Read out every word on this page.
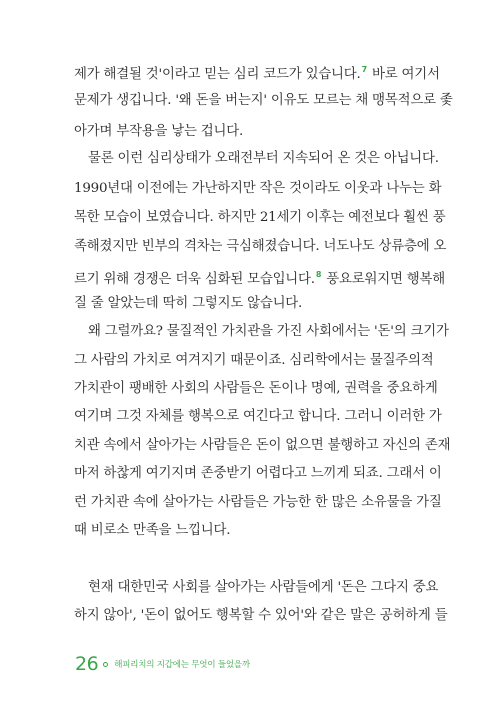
제가 해결될 것'이라고 믿는 심리 코드가 있습니다.$^7$ 바로 여기서
문제가 생깁니다. '왜 돈을 버는지' 이유도 모르는 채 맹목적으로 좇
아가며 부작용을 낳는 겁니다.
물론 이런 심리상태가 오래전부터 지속되어 온 것은 아닙니다.
1990년대 이전에는 가난하지만 작은 것이라도 이웃과 나누는 화
목한 모습이 보였습니다. 하지만 21세기 이후는 예전보다 훨씬 풍
족해졌지만 빈부의 격차는 극심해졌습니다. 너도나도 상류층에 오
르기 위해 경쟁은 더욱 심화된 모습입니다.$^8$ 풍요로워지면 행복해
질 줄 알았는데 딱히 그렇지도 않습니다.
왜 그럴까요? 물질적인 가치관을 가진 사회에서는 '돈'의 크기가
그 사람의 가치로 여겨지기 때문이죠. 심리학에서는 물질주의적
가치관이 팽배한 사회의 사람들은 돈이나 명예, 권력을 중요하게
여기며 그것 자체를 행복으로 여긴다고 합니다. 그러니 이러한 가
치관 속에서 살아가는 사람들은 돈이 없으면 불행하고 자신의 존재
마저 하찮게 여기지며 존중받기 어렵다고 느끼게 되죠. 그래서 이
런 가치관 속에 살아가는 사람들은 가능한 한 많은 소유물을 가질
때 비로소 만족을 느낍니다.
현재 대한민국 사회를 살아가는 사람들에게 '돈은 그다지 중요
하지 않아', '돈이 없어도 행복할 수 있어'와 같은 말은 공허하게 들
26 해피리치의 지갑에는 무엇이 들었을까
